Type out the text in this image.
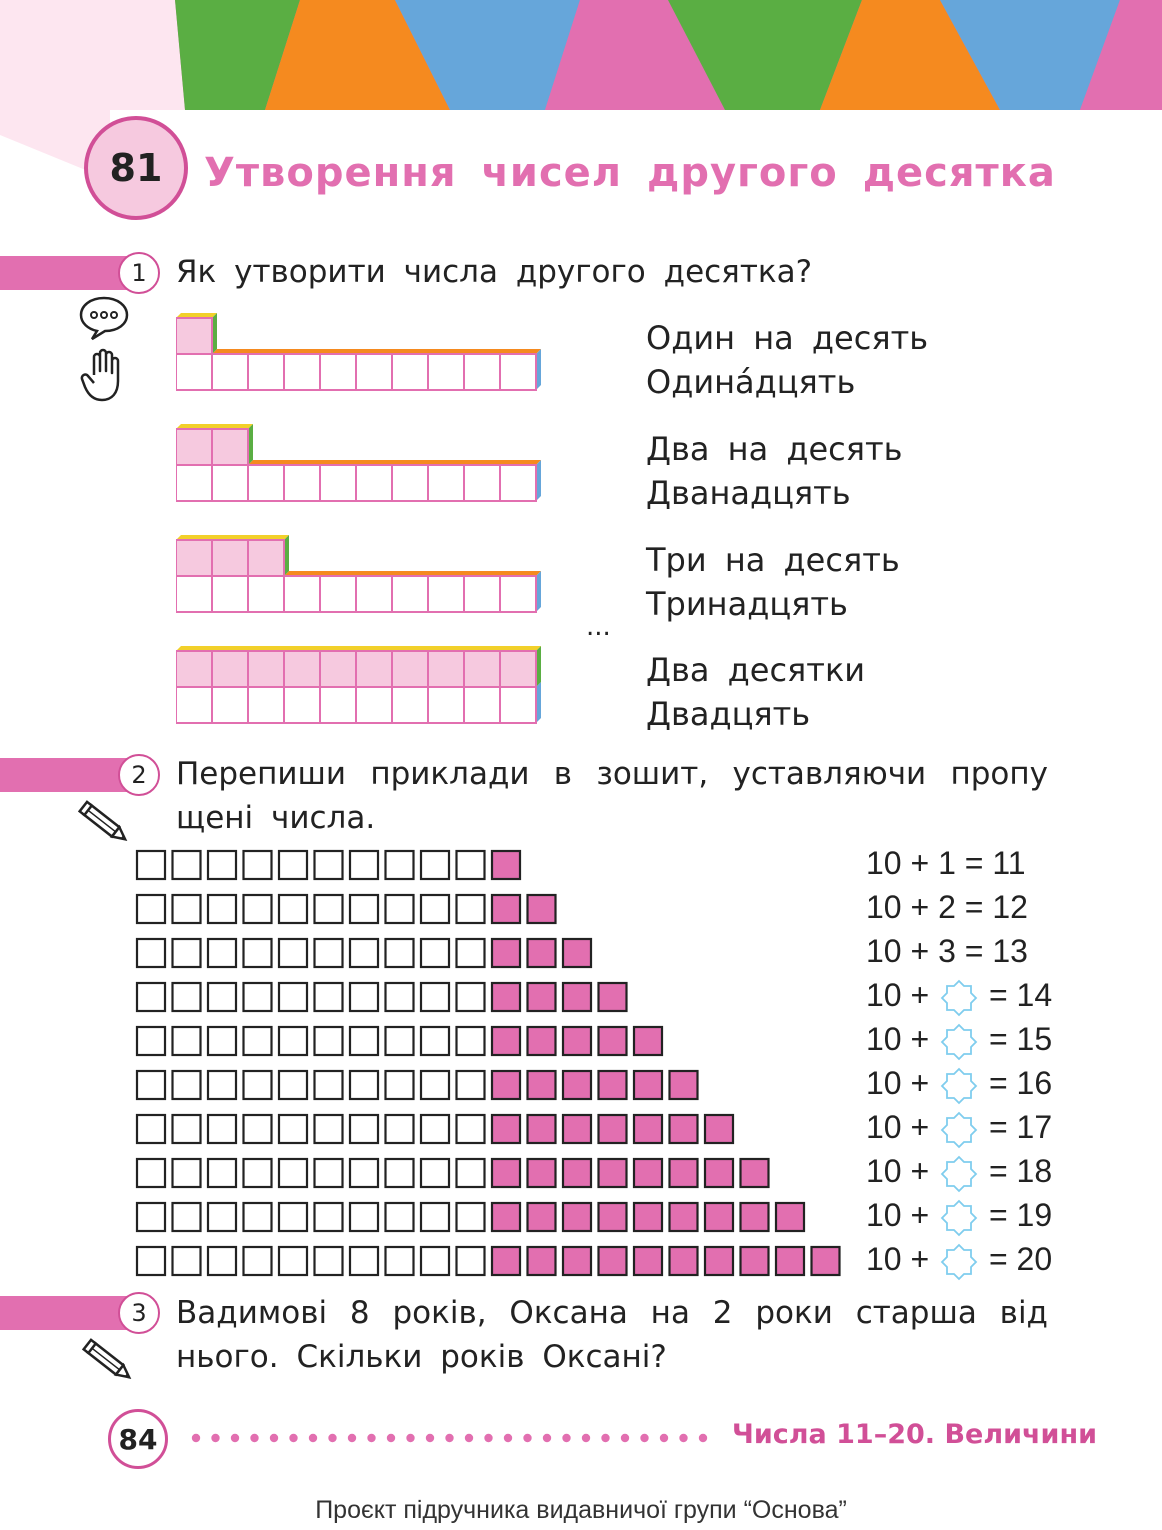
81	Утворення чисел другого десятка
1 Як утворити числа другого десятка?
Один на десять
Одина́дцять
Два на десять
Дванадцять
Три на десять
Тринадцять
...
Два десятки
Двадцять
2 Перепиши приклади в зошит, уставляючи пропу
щені числа.
10 + 1 = 11
10 + 2 = 12
10 + 3 = 13
10 +  = 14
10 +  = 15
10 +  = 16
10 +  = 17
10 +  = 18
10 +  = 19
10 +  = 20
3 Вадимові 8 років, Оксана на 2 роки старша від
нього. Скільки років Оксані?
84	Числа 11–20. Величини
Проєкт підручника видавничої групи “Основа”
